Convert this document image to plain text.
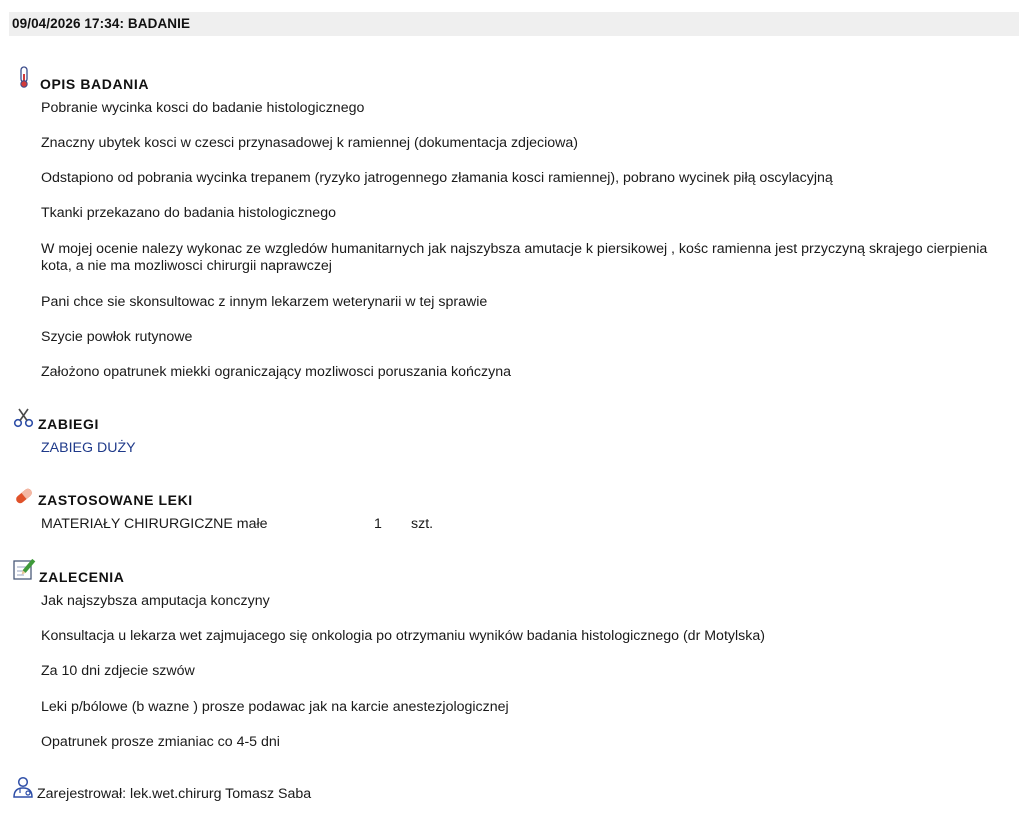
09/04/2026 17:34: BADANIE
OPIS BADANIA
Pobranie wycinka kosci do badanie histologicznego
Znaczny ubytek kosci w czesci przynasadowej k ramiennej (dokumentacja zdjeciowa)
Odstapiono od pobrania wycinka trepanem (ryzyko jatrogennego złamania kosci ramiennej), pobrano wycinek piłą oscylacyjną
Tkanki przekazano do badania histologicznego
W mojej ocenie nalezy wykonac ze wzgledów humanitarnych jak najszybsza amutacje k piersikowej , kośc ramienna jest przyczyną skrajego cierpienia kota, a nie ma mozliwosci chirurgii naprawczej
Pani chce sie skonsultowac z innym lekarzem weterynarii w tej sprawie
Szycie powłok rutynowe
Założono opatrunek miekki ograniczający mozliwosci poruszania kończyna
ZABIEGI
ZABIEG DUŻY
ZASTOSOWANE LEKI
MATERIAŁY CHIRURGICZNE małe	1 szt.
ZALECENIA
Jak najszybsza amputacja konczyny
Konsultacja u lekarza wet zajmujacego się onkologia po otrzymaniu wyników badania histologicznego (dr Motylska)
Za 10 dni zdjecie szwów
Leki p/bólowe (b wazne ) prosze podawac jak na karcie anestezjologicznej
Opatrunek prosze zmianiac co 4-5 dni
Zarejestrował: lek.wet.chirurg Tomasz Saba
